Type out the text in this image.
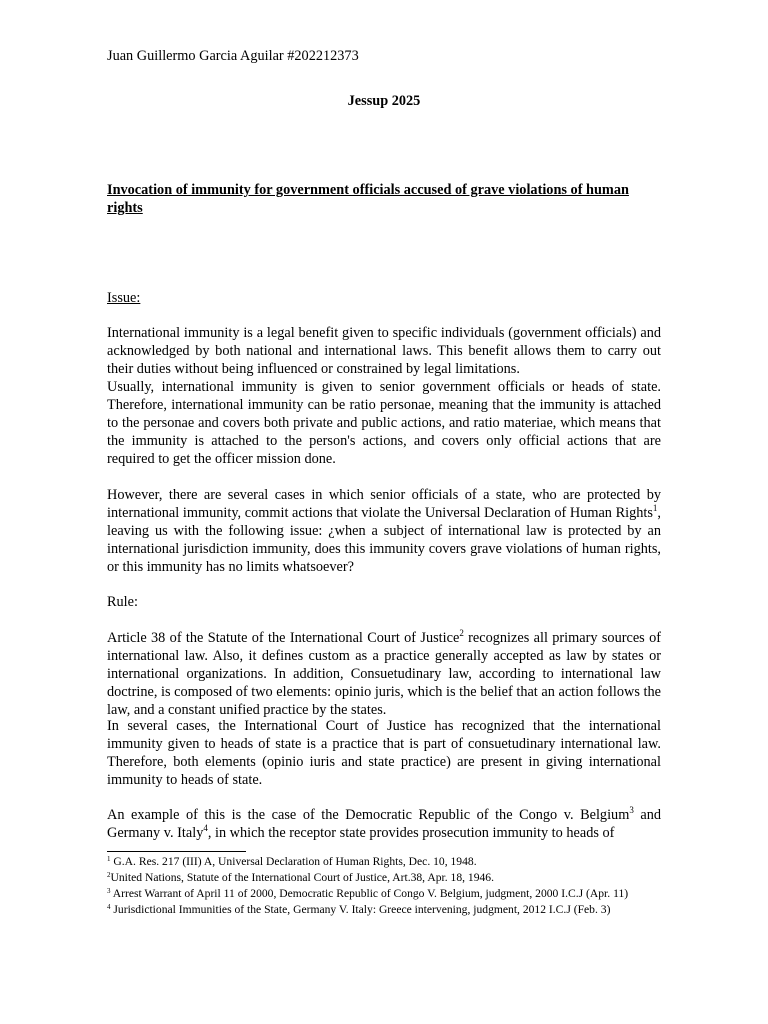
Juan Guillermo Garcia Aguilar #202212373

Jessup 2025

Invocation of immunity for government officials accused of grave violations of human rights

Issue:

International immunity is a legal benefit given to specific individuals (government officials) and acknowledged by both national and international laws. This benefit allows them to carry out their duties without being influenced or constrained by legal limitations.

Usually, international immunity is given to senior government officials or heads of state. Therefore, international immunity can be ratio personae, meaning that the immunity is attached to the personae and covers both private and public actions, and ratio materiae, which means that the immunity is attached to the person's actions, and covers only official actions that are required to get the officer mission done.

However, there are several cases in which senior officials of a state, who are protected by international immunity, commit actions that violate the Universal Declaration of Human Rights$^1$, leaving us with the following issue: ¿when a subject of international law is protected by an international jurisdiction immunity, does this immunity covers grave violations of human rights, or this immunity has no limits whatsoever?

Rule:

Article 38 of the Statute of the International Court of Justice$^2$ recognizes all primary sources of international law. Also, it defines custom as a practice generally accepted as law by states or international organizations. In addition, Consuetudinary law, according to international law doctrine, is composed of two elements: opinio juris, which is the belief that an action follows the law, and a constant unified practice by the states.

In several cases, the International Court of Justice has recognized that the international immunity given to heads of state is a practice that is part of consuetudinary international law. Therefore, both elements (opinio iuris and state practice) are present in giving international immunity to heads of state.

An example of this is the case of the Democratic Republic of the Congo v. Belgium$^3$ and Germany v. Italy$^4$, in which the receptor state provides prosecution immunity to heads of

$^1$ G.A. Res. 217 (III) A, Universal Declaration of Human Rights, Dec. 10, 1948.

$^2$United Nations, Statute of the International Court of Justice, Art.38, Apr. 18, 1946.

$^3$ Arrest Warrant of April 11 of 2000, Democratic Republic of Congo V. Belgium, judgment, 2000 I.C.J (Apr. 11)

$^4$ Jurisdictional Immunities of the State, Germany V. Italy: Greece intervening, judgment, 2012 I.C.J (Feb. 3)
